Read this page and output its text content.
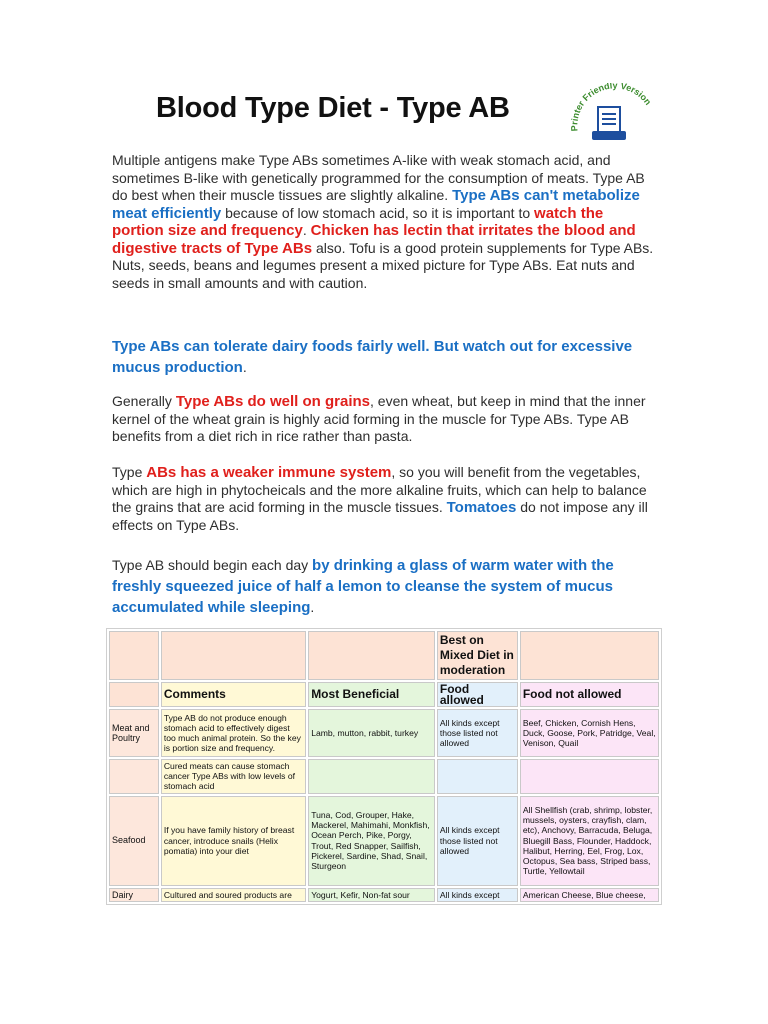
Blood Type Diet - Type AB
Printer Friendly Version

Multiple antigens make Type ABs sometimes A-like with weak stomach acid, and sometimes B-like with genetically programmed for the consumption of meats. Type AB do best when their muscle tissues are slightly alkaline. Type ABs can't metabolize meat efficiently because of low stomach acid, so it is important to watch the portion size and frequency. Chicken has lectin that irritates the blood and digestive tracts of Type ABs also. Tofu is a good protein supplements for Type ABs. Nuts, seeds, beans and legumes present a mixed picture for Type ABs. Eat nuts and seeds in small amounts and with caution.

Type ABs can tolerate dairy foods fairly well. But watch out for excessive mucus production.

Generally Type ABs do well on grains, even wheat, but keep in mind that the inner kernel of the wheat grain is highly acid forming in the muscle for Type ABs. Type AB benefits from a diet rich in rice rather than pasta.

Type ABs has a weaker immune system, so you will benefit from the vegetables, which are high in phytocheicals and the more alkaline fruits, which can help to balance the grains that are acid forming in the muscle tissues. Tomatoes do not impose any ill effects on Type ABs.

Type AB should begin each day by drinking a glass of warm water with the freshly squeezed juice of half a lemon to cleanse the system of mucus accumulated while sleeping.

			Best on Mixed Diet in moderation	
	Comments	Most Beneficial	Food allowed	Food not allowed
Meat and Poultry	Type AB do not produce enough stomach acid to effectively digest too much animal protein. So the key is portion size and frequency.	Lamb, mutton, rabbit, turkey	All kinds except those listed not allowed	Beef, Chicken, Cornish Hens, Duck, Goose, Pork, Patridge, Veal, Venison, Quail
	Cured meats can cause stomach cancer Type ABs with low levels of stomach acid			
Seafood	If you have family history of breast cancer, introduce snails (Helix pomatia) into your diet	Tuna, Cod, Grouper, Hake, Mackerel, Mahimahi, Monkfish, Ocean Perch, Pike, Porgy, Trout, Red Snapper, Sailfish, Pickerel, Sardine, Shad, Snail, Sturgeon	All kinds except those listed not allowed	All Shellfish (crab, shrimp, lobster, mussels, oysters, crayfish, clam, etc), Anchovy, Barracuda, Beluga, Bluegill Bass, Flounder, Haddock, Halibut, Herring, Eel, Frog, Lox, Octopus, Sea bass, Striped bass, Turtle, Yellowtail
Dairy	Cultured and soured products are	Yogurt, Kefir, Non-fat sour	All kinds except	American Cheese, Blue cheese,
